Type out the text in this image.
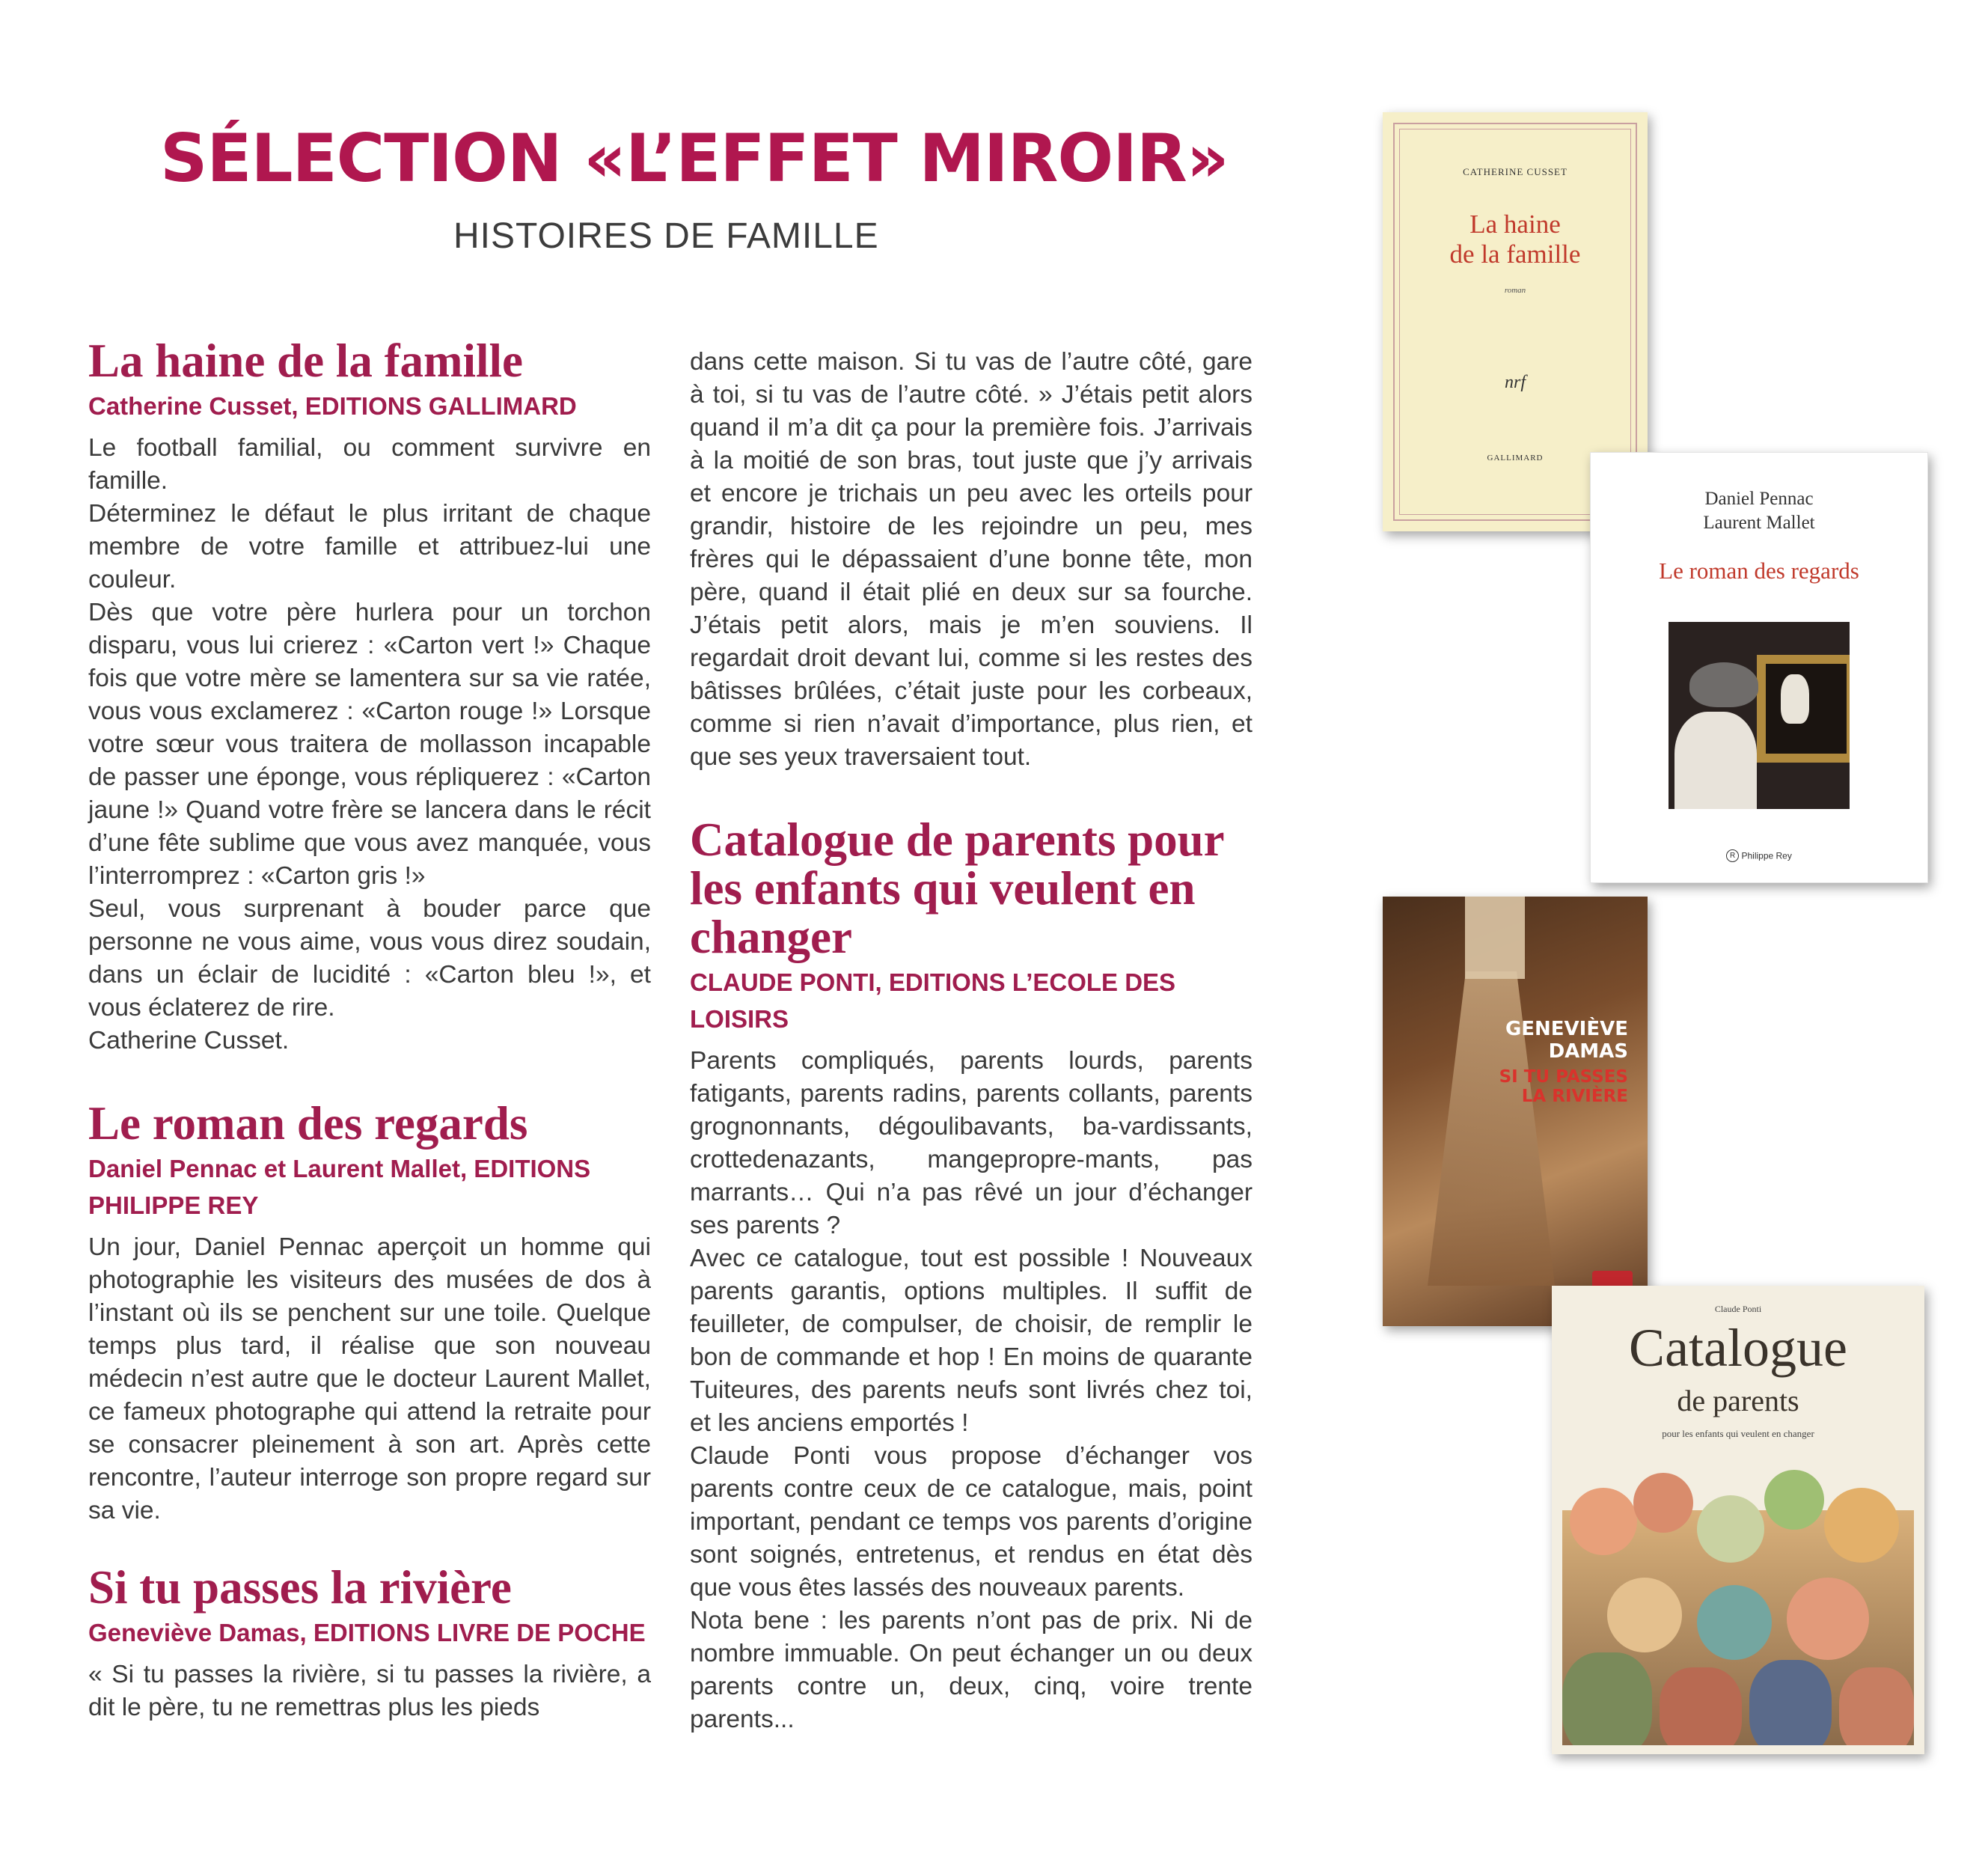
SÉLECTION «L’EFFET MIROIR»
HISTOIRES DE FAMILLE
La haine de la famille
Catherine Cusset, EDITIONS GALLIMARD

Le football familial, ou comment survivre en famille.

Déterminez le défaut le plus irritant de chaque membre de votre famille et attribuez-lui une couleur.

Dès que votre père hurlera pour un torchon disparu, vous lui crierez : «Carton vert !» Chaque fois que votre mère se lamentera sur sa vie ratée, vous vous exclamerez : «Carton rouge !» Lorsque votre sœur vous traitera de mollasson incapable de passer une éponge, vous répliquerez : «Carton jaune !» Quand votre frère se lancera dans le récit d’une fête sublime que vous avez manquée, vous l’interromprez : «Carton gris !»

Seul, vous surprenant à bouder parce que personne ne vous aime, vous vous direz soudain, dans un éclair de lucidité : «Carton bleu !», et vous éclaterez de rire.

Catherine Cusset.

Le roman des regards
Daniel Pennac et Laurent Mallet, EDITIONS PHILIPPE REY

Un jour, Daniel Pennac aperçoit un homme qui photographie les visiteurs des musées de dos à l’instant où ils se penchent sur une toile. Quelque temps plus tard, il réalise que son nouveau médecin n’est autre que le docteur Laurent Mallet, ce fameux photographe qui attend la retraite pour se consacrer pleinement à son art. Après cette rencontre, l’auteur interroge son propre regard sur sa vie.

Si tu passes la rivière
Geneviève Damas, EDITIONS LIVRE DE POCHE

« Si tu passes la rivière, si tu passes la rivière, a dit le père, tu ne remettras plus les pieds

dans cette maison. Si tu vas de l’autre côté, gare à toi, si tu vas de l’autre côté. » J’étais petit alors quand il m’a dit ça pour la première fois. J’arrivais à la moitié de son bras, tout juste que j’y arrivais et encore je trichais un peu avec les orteils pour grandir, histoire de les rejoindre un peu, mes frères qui le dépassaient d’une bonne tête, mon père, quand il était plié en deux sur sa fourche. J’étais petit alors, mais je m’en souviens. Il regardait droit devant lui, comme si les restes des bâtisses brûlées, c’était juste pour les corbeaux, comme si rien n’avait d’importance, plus rien, et que ses yeux traversaient tout.

Catalogue de parents pour les enfants qui veulent en changer
CLAUDE PONTI, EDITIONS L’ECOLE DES LOISIRS

Parents compliqués, parents lourds, parents fatigants, parents radins, parents collants, parents grognonnants, dégoulibavants, ba-vardissants, crottedenazants, mangepropre-mants, pas marrants… Qui n’a pas rêvé un jour d’échanger ses parents ?

Avec ce catalogue, tout est possible ! Nouveaux parents garantis, options multiples. Il suffit de feuilleter, de compulser, de choisir, de remplir le bon de commande et hop ! En moins de quarante Tuiteures, des parents neufs sont livrés chez toi, et les anciens emportés !

Claude Ponti vous propose d’échanger vos parents contre ceux de ce catalogue, mais, point important, pendant ce temps vos parents d’origine sont soignés, entretenus, et rendus en état dès que vous êtes lassés des nouveaux parents.

Nota bene : les parents n’ont pas de prix. Ni de nombre immuable. On peut échanger un ou deux parents contre un, deux, cinq, voire trente parents...

CATHERINE CUSSET
La haine
de la famille
roman
nrf
GALLIMARD
Daniel Pennac
Laurent Mallet
Le roman des regards
R Philippe Rey
GENEVIÈVE
DAMAS
SI TU PASSES
LA RIVIÈRE
Claude Ponti
Catalogue
de parents
pour les enfants qui veulent en changer
